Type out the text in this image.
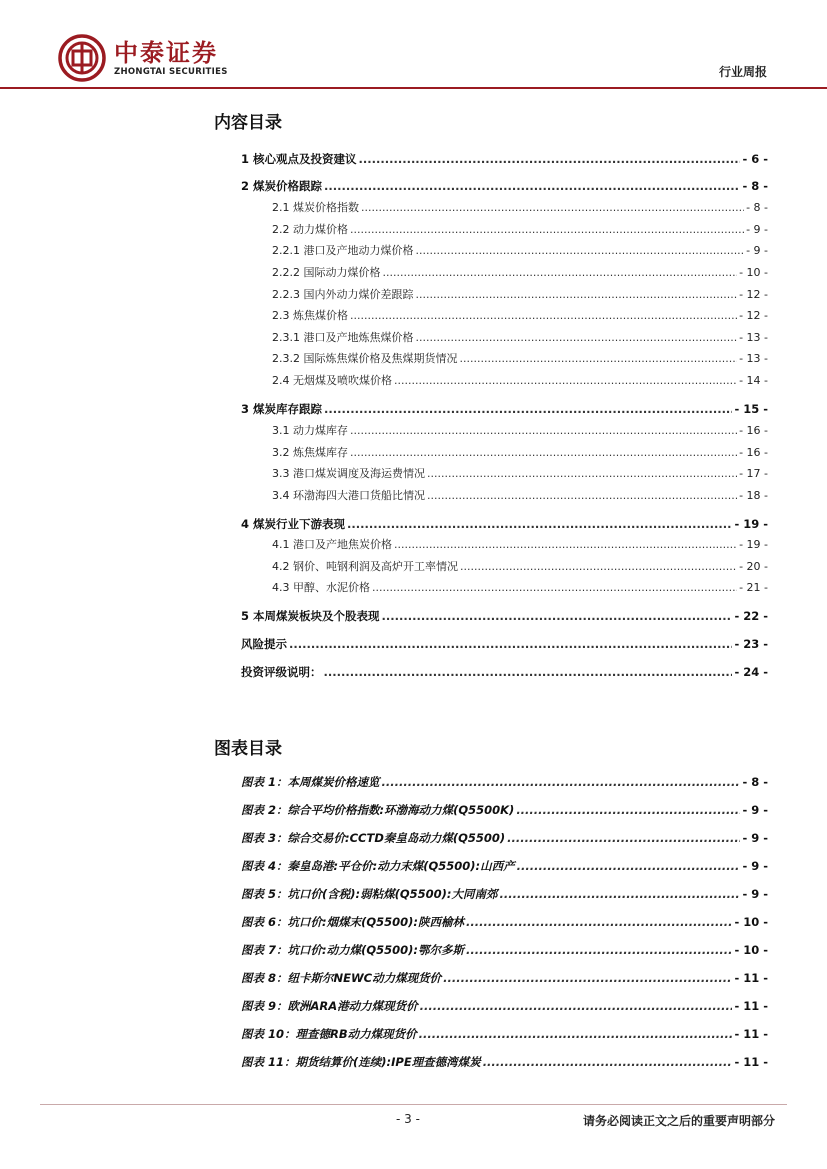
中泰证券
ZHONGTAI SECURITIES	行业周报
内容目录
1 核心观点及投资建议 .....	- 6 -
2 煤炭价格跟踪 .....	- 8 -
2.1 煤炭价格指数 .....	- 8 -
2.2 动力煤价格 .....	- 9 -
2.2.1 港口及产地动力煤价格 .....	- 9 -
2.2.2 国际动力煤价格 .....	- 10 -
2.2.3 国内外动力煤价差跟踪 .....	- 12 -
2.3 炼焦煤价格 .....	- 12 -
2.3.1 港口及产地炼焦煤价格 .....	- 13 -
2.3.2 国际炼焦煤价格及焦煤期货情况 .....	- 13 -
2.4 无烟煤及喷吹煤价格 .....	- 14 -
3 煤炭库存跟踪 .....	- 15 -
3.1 动力煤库存 .....	- 16 -
3.2 炼焦煤库存 .....	- 16 -
3.3 港口煤炭调度及海运费情况 .....	- 17 -
3.4 环渤海四大港口货船比情况 .....	- 18 -
4 煤炭行业下游表现 .....	- 19 -
4.1 港口及产地焦炭价格 .....	- 19 -
4.2 钢价、吨钢利润及高炉开工率情况 .....	- 20 -
4.3 甲醇、水泥价格 .....	- 21 -
5 本周煤炭板块及个股表现 .....	- 22 -
风险提示 .....	- 23 -
投资评级说明： .....	- 24 -
图表目录
图表 1：本周煤炭价格速览 .....	- 8 -
图表 2：综合平均价格指数:环渤海动力煤(Q5500K) .....	- 9 -
图表 3：综合交易价:CCTD秦皇岛动力煤(Q5500) .....	- 9 -
图表 4：秦皇岛港:平仓价:动力末煤(Q5500):山西产 .....	- 9 -
图表 5：坑口价(含税):弱粘煤(Q5500):大同南郊 .....	- 9 -
图表 6：坑口价:烟煤末(Q5500):陕西榆林 .....	- 10 -
图表 7：坑口价:动力煤(Q5500):鄂尔多斯 .....	- 10 -
图表 8：纽卡斯尔NEWC动力煤现货价 .....	- 11 -
图表 9：欧洲ARA港动力煤现货价 .....	- 11 -
图表 10：理查德RB动力煤现货价 .....	- 11 -
图表 11：期货结算价(连续):IPE理查德湾煤炭 .....	- 11 -
- 3 -	请务必阅读正文之后的重要声明部分
